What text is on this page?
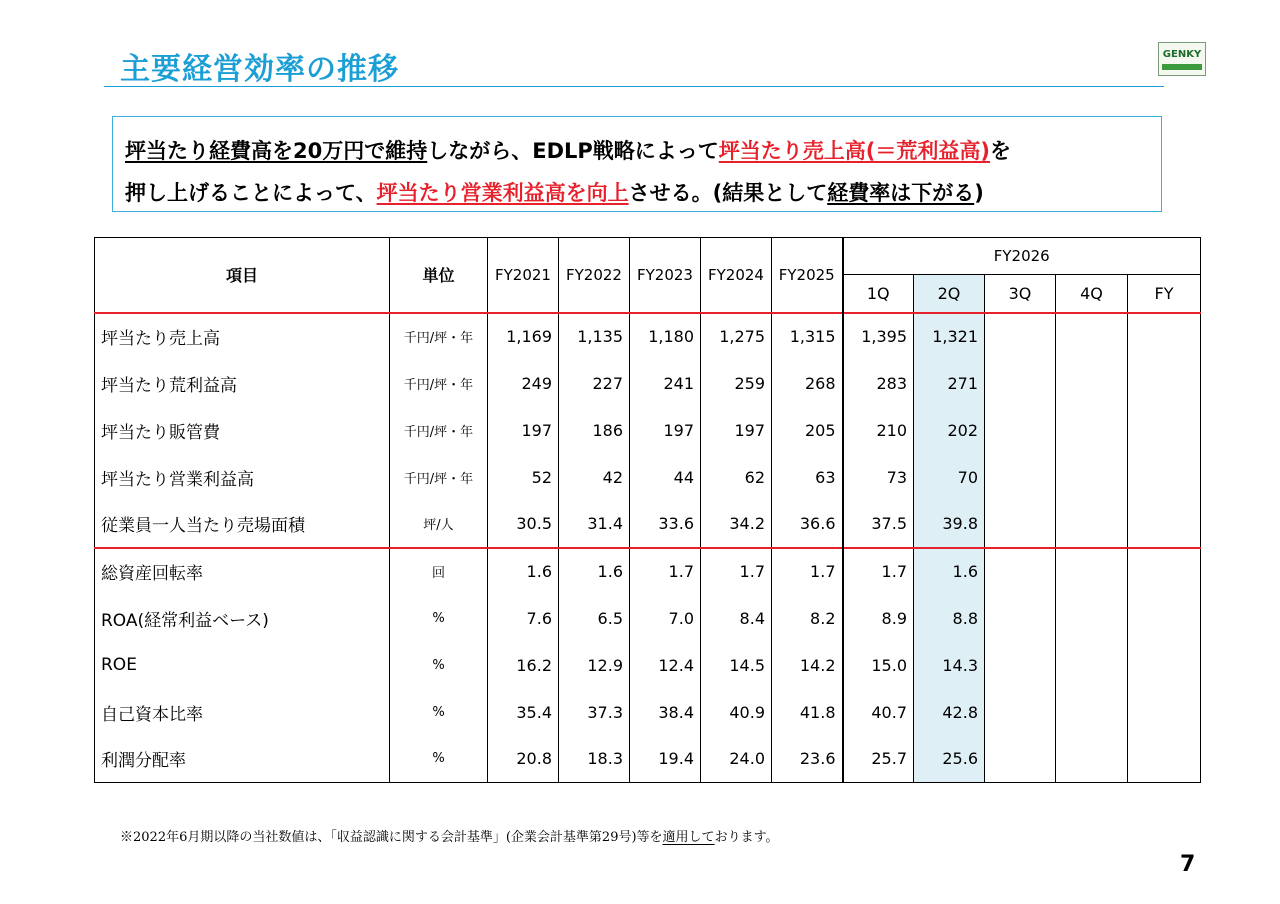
主要経営効率の推移	GENKY
坪当たり経費高を20万円で維持しながら、EDLP戦略によって坪当たり売上高(＝荒利益高)を
押し上げることによって、坪当たり営業利益高を向上させる。(結果として経費率は下がる)
項目	単位	FY2021	FY2022	FY2023	FY2024	FY2025	FY2026				
							1Q	2Q	3Q	4Q	FY
坪当たり売上高	千円/坪・年	1,169	1,135	1,180	1,275	1,315	1,395	1,321			
坪当たり荒利益高	千円/坪・年	249	227	241	259	268	283	271			
坪当たり販管費	千円/坪・年	197	186	197	197	205	210	202			
坪当たり営業利益高	千円/坪・年	52	42	44	62	63	73	70			
従業員一人当たり売場面積	坪/人	30.5	31.4	33.6	34.2	36.6	37.5	39.8			
総資産回転率	回	1.6	1.6	1.7	1.7	1.7	1.7	1.6			
ROA(経常利益ベース)	%	7.6	6.5	7.0	8.4	8.2	8.9	8.8			
ROE	%	16.2	12.9	12.4	14.5	14.2	15.0	14.3			
自己資本比率	%	35.4	37.3	38.4	40.9	41.8	40.7	42.8			
利潤分配率	%	20.8	18.3	19.4	24.0	23.6	25.7	25.6			
※2022年6月期以降の当社数値は、「収益認識に関する会計基準」(企業会計基準第29号)等を適用しております。
7
